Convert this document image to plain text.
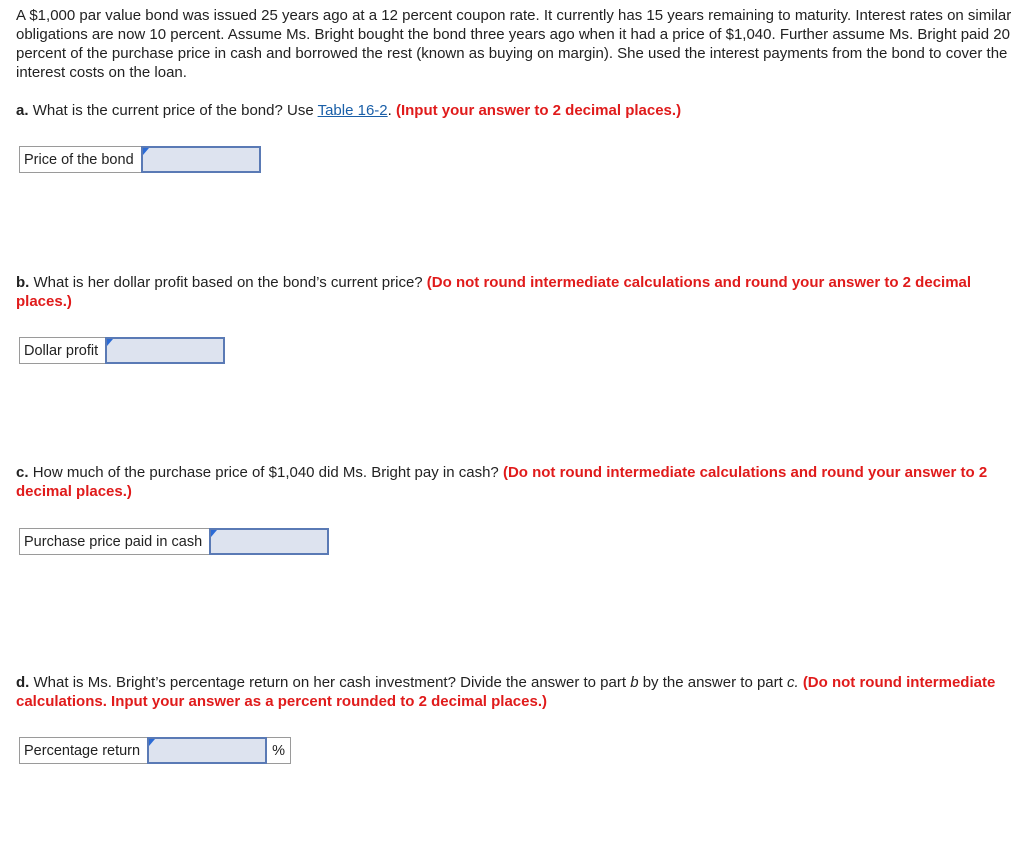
A $1,000 par value bond was issued 25 years ago at a 12 percent coupon rate. It currently has 15 years remaining to maturity. Interest rates on similar obligations are now 10 percent. Assume Ms. Bright bought the bond three years ago when it had a price of $1,040. Further assume Ms. Bright paid 20 percent of the purchase price in cash and borrowed the rest (known as buying on margin). She used the interest payments from the bond to cover the interest costs on the loan.

a. What is the current price of the bond? Use Table 16-2. (Input your answer to 2 decimal places.)

Price of the bond

b. What is her dollar profit based on the bond’s current price? (Do not round intermediate calculations and round your answer to 2 decimal places.)

Dollar profit

c. How much of the purchase price of $1,040 did Ms. Bright pay in cash? (Do not round intermediate calculations and round your answer to 2 decimal places.)

Purchase price paid in cash

d. What is Ms. Bright’s percentage return on her cash investment? Divide the answer to part b by the answer to part c. (Do not round intermediate calculations. Input your answer as a percent rounded to 2 decimal places.)

Percentage return	%
